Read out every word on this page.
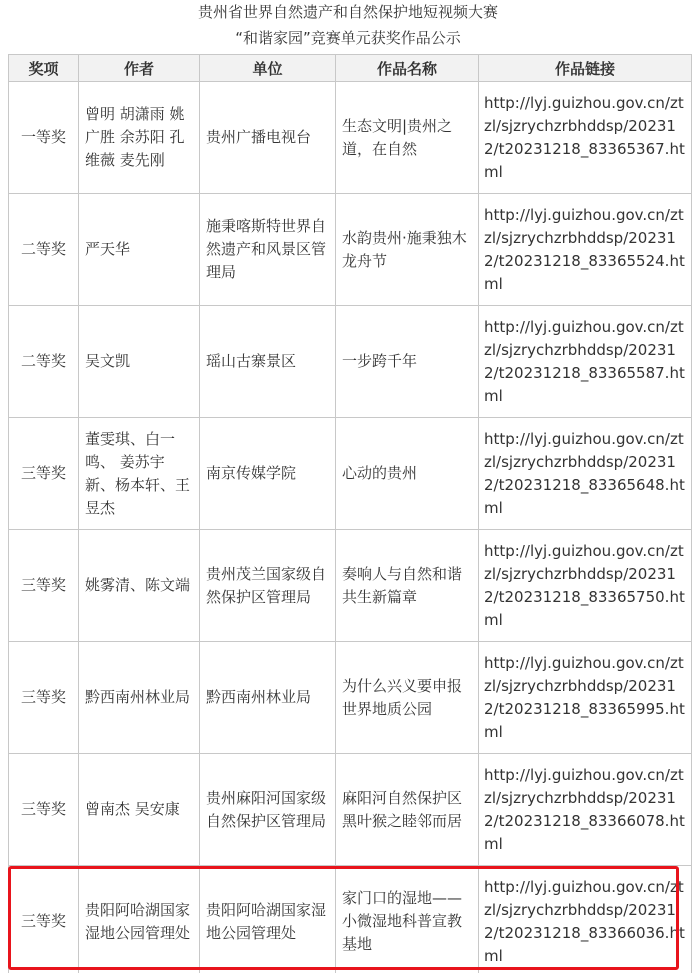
贵州省世界自然遗产和自然保护地短视频大赛
“和谐家园”竞赛单元获奖作品公示
奖项	作者	单位	作品名称	作品链接
一等奖	曾明 胡潇雨 姚广胜 余苏阳 孔维薇 麦先刚	贵州广播电视台	生态文明|贵州之道，在自然	http://lyj.guizhou.gov.cn/ztzl/sjzrychzrbhddsp/202312/t20231218_83365367.html
二等奖	严天华	施秉喀斯特世界自然遗产和风景区管理局	水韵贵州·施秉独木龙舟节	http://lyj.guizhou.gov.cn/ztzl/sjzrychzrbhddsp/202312/t20231218_83365524.html
二等奖	吴文凯	瑶山古寨景区	一步跨千年	http://lyj.guizhou.gov.cn/ztzl/sjzrychzrbhddsp/202312/t20231218_83365587.html
三等奖	董雯琪、白一鸣、 姜苏宇新、杨本轩、王昱杰	南京传媒学院	心动的贵州	http://lyj.guizhou.gov.cn/ztzl/sjzrychzrbhddsp/202312/t20231218_83365648.html
三等奖	姚雾清、陈文端	贵州茂兰国家级自然保护区管理局	奏响人与自然和谐共生新篇章	http://lyj.guizhou.gov.cn/ztzl/sjzrychzrbhddsp/202312/t20231218_83365750.html
三等奖	黔西南州林业局	黔西南州林业局	为什么兴义要申报世界地质公园	http://lyj.guizhou.gov.cn/ztzl/sjzrychzrbhddsp/202312/t20231218_83365995.html
三等奖	曾南杰 吴安康	贵州麻阳河国家级自然保护区管理局	麻阳河自然保护区黑叶猴之睦邻而居	http://lyj.guizhou.gov.cn/ztzl/sjzrychzrbhddsp/202312/t20231218_83366078.html
三等奖	贵阳阿哈湖国家湿地公园管理处	贵阳阿哈湖国家湿地公园管理处	家门口的湿地——小微湿地科普宣教基地	http://lyj.guizhou.gov.cn/ztzl/sjzrychzrbhddsp/202312/t20231218_83366036.html
